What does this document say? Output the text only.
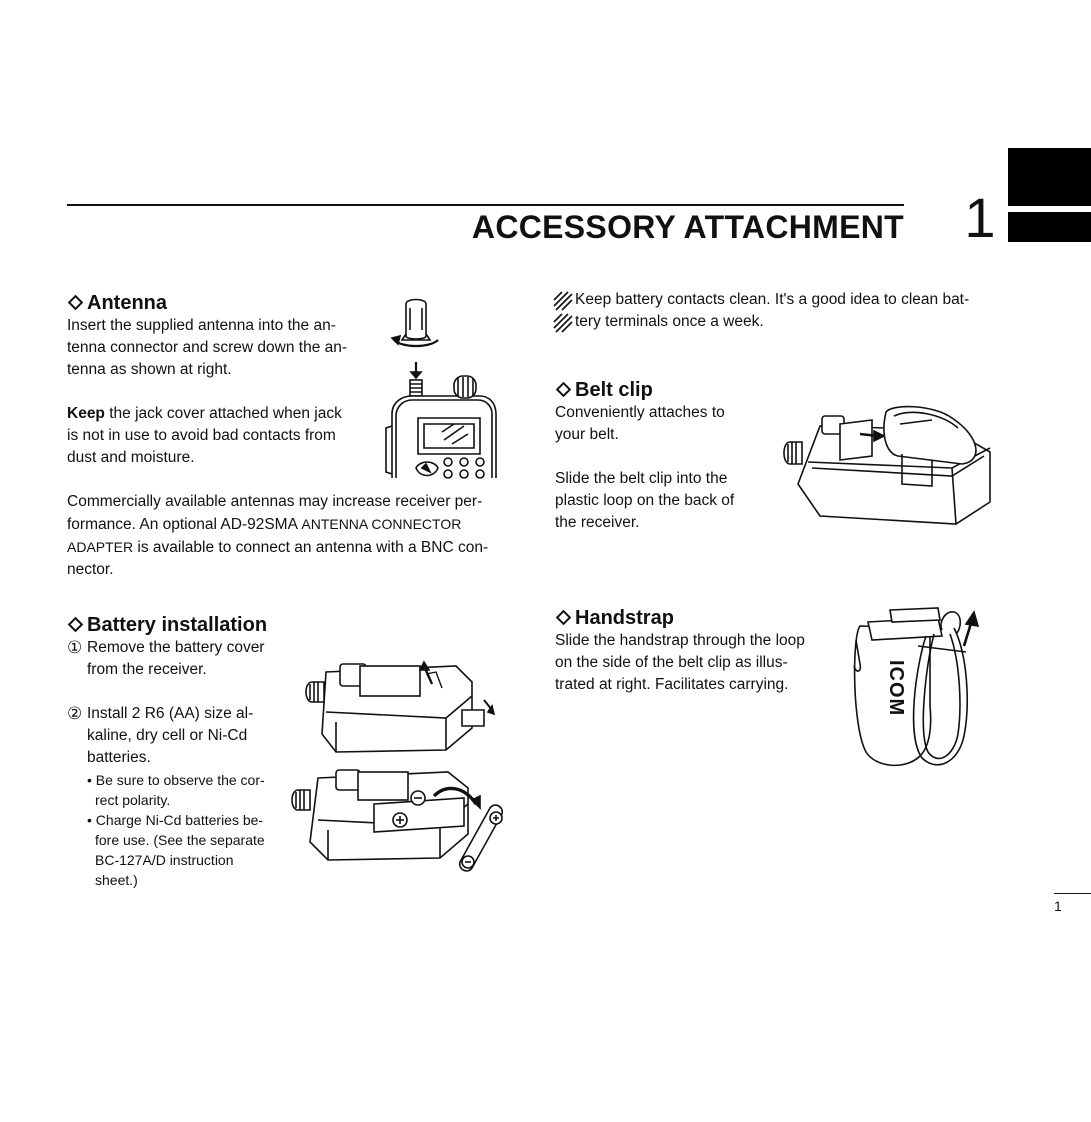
ACCESSORY ATTACHMENT 1
Antenna
Insert the supplied antenna into the an-
tenna connector and screw down the an-
tenna as shown at right.
Keep the jack cover attached when jack
is not in use to avoid bad contacts from
dust and moisture.
Commercially available antennas may increase receiver per-
formance. An optional AD-92SMA ANTENNA CONNECTOR
ADAPTER is available to connect an antenna with a BNC con-
nector.
Battery installation
① Remove the battery cover
from the receiver.
② Install 2 R6 (AA) size al-
kaline, dry cell or Ni-Cd
batteries.
• Be sure to observe the cor-
rect polarity.
• Charge Ni-Cd batteries be-
fore use. (See the separate
BC-127A/D instruction
sheet.)
Keep battery contacts clean. It's a good idea to clean bat-
tery terminals once a week.
Belt clip
Conveniently attaches to
your belt.
Slide the belt clip into the
plastic loop on the back of
the receiver.
Handstrap
Slide the handstrap through the loop
on the side of the belt clip as illus-
trated at right. Facilitates carrying.	ICOM
1
